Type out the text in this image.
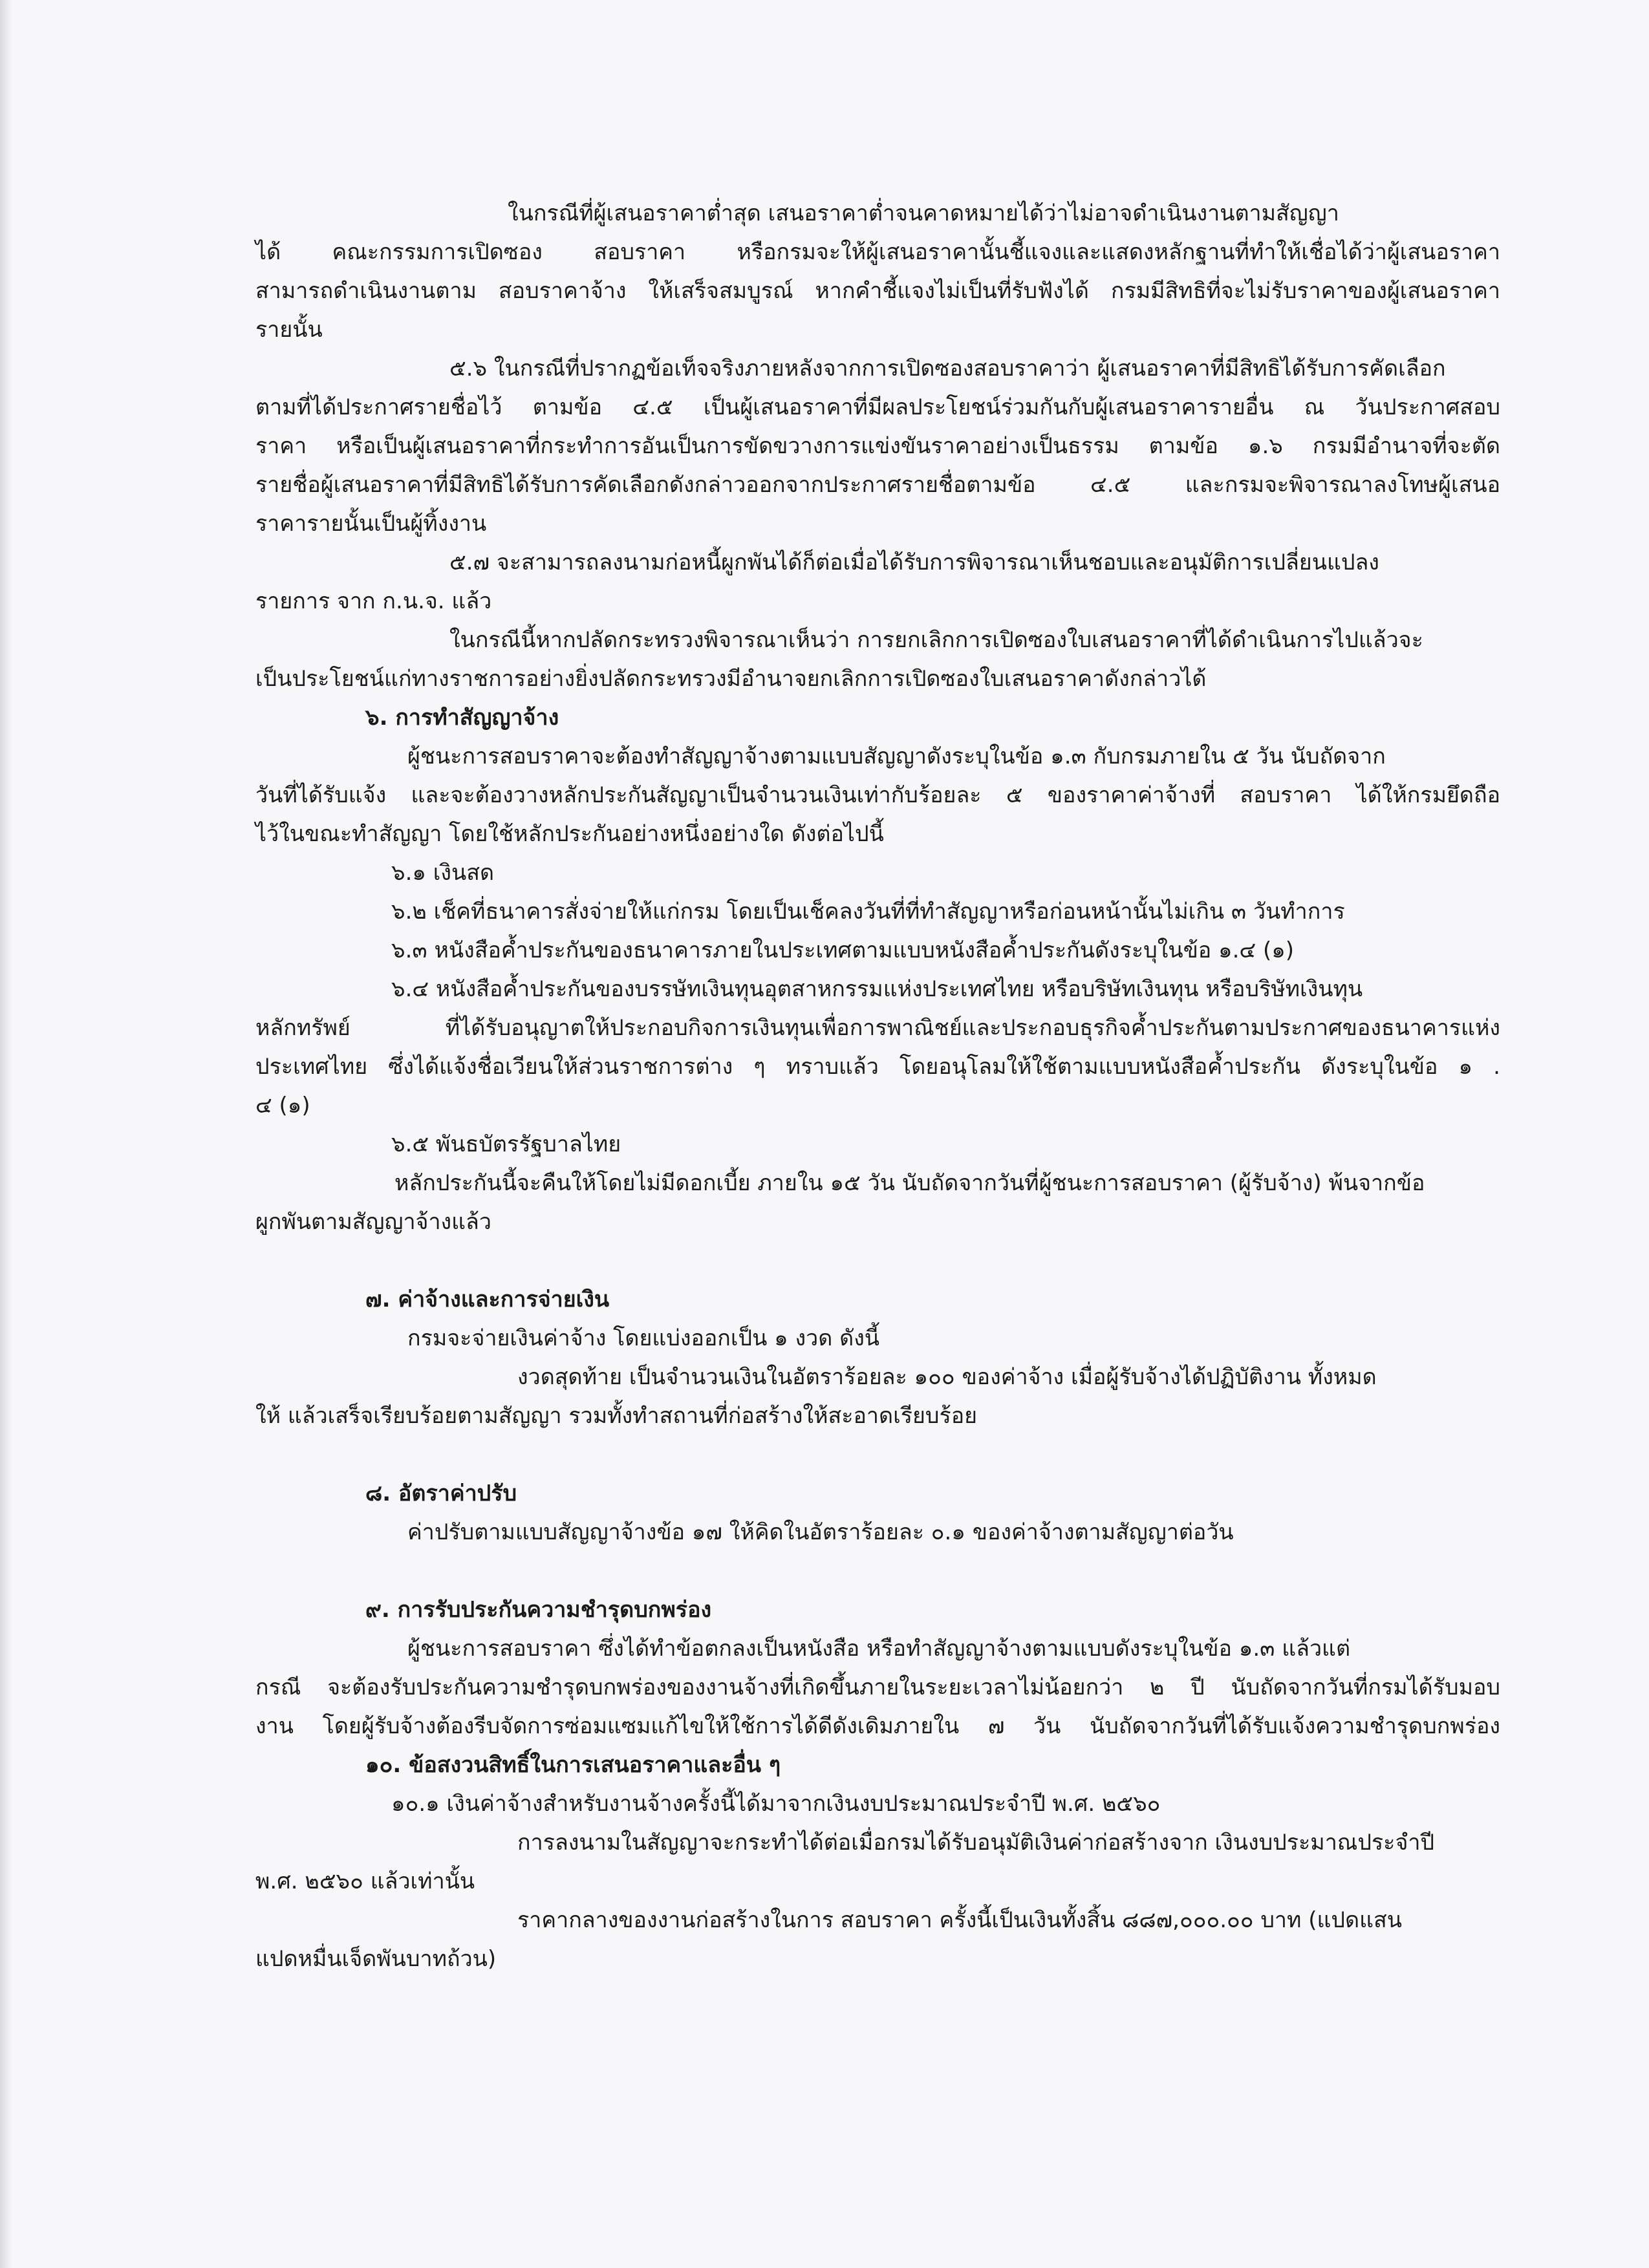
ในกรณีที่ผู้เสนอราคาต่ำสุด เสนอราคาต่ำจนคาดหมายได้ว่าไม่อาจดำเนินงานตามสัญญา
ได้ คณะกรรมการเปิดซอง สอบราคา หรือกรมจะให้ผู้เสนอราคานั้นชี้แจงและแสดงหลักฐานที่ทำให้เชื่อได้ว่าผู้เสนอราคา
สามารถดำเนินงานตาม สอบราคาจ้าง ให้เสร็จสมบูรณ์ หากคำชี้แจงไม่เป็นที่รับฟังได้ กรมมีสิทธิที่จะไม่รับราคาของผู้เสนอราคา
รายนั้น
๕.๖ ในกรณีที่ปรากฏข้อเท็จจริงภายหลังจากการเปิดซองสอบราคาว่า ผู้เสนอราคาที่มีสิทธิได้รับการคัดเลือก
ตามที่ได้ประกาศรายชื่อไว้ ตามข้อ ๔.๕ เป็นผู้เสนอราคาที่มีผลประโยชน์ร่วมกันกับผู้เสนอราคารายอื่น ณ วันประกาศสอบ
ราคา หรือเป็นผู้เสนอราคาที่กระทำการอันเป็นการขัดขวางการแข่งขันราคาอย่างเป็นธรรม ตามข้อ ๑.๖ กรมมีอำนาจที่จะตัด
รายชื่อผู้เสนอราคาที่มีสิทธิได้รับการคัดเลือกดังกล่าวออกจากประกาศรายชื่อตามข้อ ๔.๕ และกรมจะพิจารณาลงโทษผู้เสนอ
ราคารายนั้นเป็นผู้ทิ้งงาน
๕.๗ จะสามารถลงนามก่อหนี้ผูกพันได้ก็ต่อเมื่อได้รับการพิจารณาเห็นชอบและอนุมัติการเปลี่ยนแปลง
รายการ จาก ก.น.จ. แล้ว
ในกรณีนี้หากปลัดกระทรวงพิจารณาเห็นว่า การยกเลิกการเปิดซองใบเสนอราคาที่ได้ดำเนินการไปแล้วจะ
เป็นประโยชน์แก่ทางราชการอย่างยิ่งปลัดกระทรวงมีอำนาจยกเลิกการเปิดซองใบเสนอราคาดังกล่าวได้
๖. การทำสัญญาจ้าง
ผู้ชนะการสอบราคาจะต้องทำสัญญาจ้างตามแบบสัญญาดังระบุในข้อ ๑.๓ กับกรมภายใน ๕ วัน นับถัดจาก
วันที่ได้รับแจ้ง และจะต้องวางหลักประกันสัญญาเป็นจำนวนเงินเท่ากับร้อยละ ๕ ของราคาค่าจ้างที่ สอบราคา ได้ให้กรมยึดถือ
ไว้ในขณะทำสัญญา โดยใช้หลักประกันอย่างหนึ่งอย่างใด ดังต่อไปนี้
๖.๑ เงินสด
๖.๒ เช็คที่ธนาคารสั่งจ่ายให้แก่กรม โดยเป็นเช็คลงวันที่ที่ทำสัญญาหรือก่อนหน้านั้นไม่เกิน ๓ วันทำการ
๖.๓ หนังสือค้ำประกันของธนาคารภายในประเทศตามแบบหนังสือค้ำประกันดังระบุในข้อ ๑.๔ (๑)
๖.๔ หนังสือค้ำประกันของบรรษัทเงินทุนอุตสาหกรรมแห่งประเทศไทย หรือบริษัทเงินทุน หรือบริษัทเงินทุน
หลักทรัพย์ ที่ได้รับอนุญาตให้ประกอบกิจการเงินทุนเพื่อการพาณิชย์และประกอบธุรกิจค้ำประกันตามประกาศของธนาคารแห่ง
ประเทศไทย ซึ่งได้แจ้งชื่อเวียนให้ส่วนราชการต่าง ๆ ทราบแล้ว โดยอนุโลมให้ใช้ตามแบบหนังสือค้ำประกัน ดังระบุในข้อ ๑ .
๔ (๑)
๖.๕ พันธบัตรรัฐบาลไทย
หลักประกันนี้จะคืนให้โดยไม่มีดอกเบี้ย ภายใน ๑๕ วัน นับถัดจากวันที่ผู้ชนะการสอบราคา (ผู้รับจ้าง) พ้นจากข้อ
ผูกพันตามสัญญาจ้างแล้ว
๗. ค่าจ้างและการจ่ายเงิน
กรมจะจ่ายเงินค่าจ้าง โดยแบ่งออกเป็น ๑ งวด ดังนี้
งวดสุดท้าย เป็นจำนวนเงินในอัตราร้อยละ ๑๐๐ ของค่าจ้าง เมื่อผู้รับจ้างได้ปฏิบัติงาน ทั้งหมด
ให้ แล้วเสร็จเรียบร้อยตามสัญญา รวมทั้งทำสถานที่ก่อสร้างให้สะอาดเรียบร้อย
๘. อัตราค่าปรับ
ค่าปรับตามแบบสัญญาจ้างข้อ ๑๗ ให้คิดในอัตราร้อยละ ๐.๑ ของค่าจ้างตามสัญญาต่อวัน
๙. การรับประกันความชำรุดบกพร่อง
ผู้ชนะการสอบราคา ซึ่งได้ทำข้อตกลงเป็นหนังสือ หรือทำสัญญาจ้างตามแบบดังระบุในข้อ ๑.๓ แล้วแต่
กรณี จะต้องรับประกันความชำรุดบกพร่องของงานจ้างที่เกิดขึ้นภายในระยะเวลาไม่น้อยกว่า ๒ ปี นับถัดจากวันที่กรมได้รับมอบ
งาน โดยผู้รับจ้างต้องรีบจัดการซ่อมแซมแก้ไขให้ใช้การได้ดีดังเดิมภายใน ๗ วัน นับถัดจากวันที่ได้รับแจ้งความชำรุดบกพร่อง
๑๐. ข้อสงวนสิทธิ์ในการเสนอราคาและอื่น ๆ
๑๐.๑ เงินค่าจ้างสำหรับงานจ้างครั้งนี้ได้มาจากเงินงบประมาณประจำปี พ.ศ. ๒๕๖๐
การลงนามในสัญญาจะกระทำได้ต่อเมื่อกรมได้รับอนุมัติเงินค่าก่อสร้างจาก เงินงบประมาณประจำปี
พ.ศ. ๒๕๖๐ แล้วเท่านั้น
ราคากลางของงานก่อสร้างในการ สอบราคา ครั้งนี้เป็นเงินทั้งสิ้น ๘๘๗,๐๐๐.๐๐ บาท (แปดแสน
แปดหมื่นเจ็ดพันบาทถ้วน)
